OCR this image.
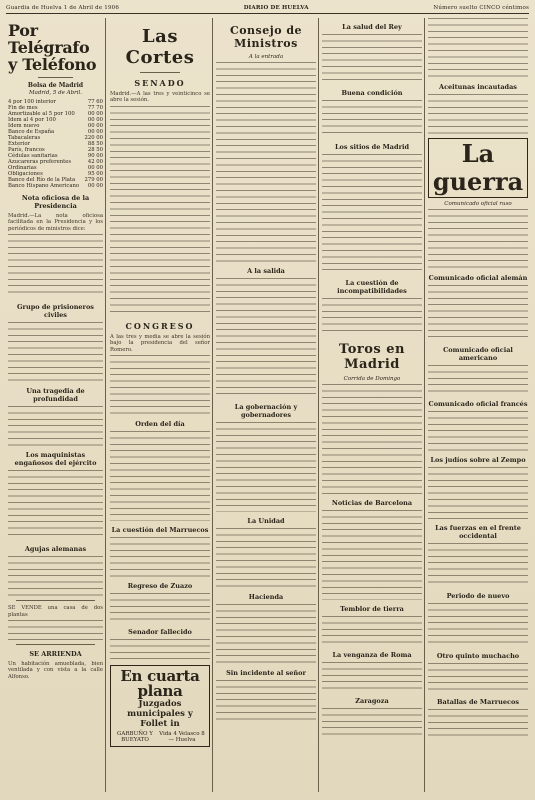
Guardia de Huelva 1 de Abril de 1906	DIARIO DE HUELVA	Número suelto CINCO céntimos
Por Telégrafo y Teléfono
Bolsa de Madrid
Madrid, 5 de Abril.
4 por 100 interior	77 60
Fin de mes	77 70
Amortizable al 5 por 100	00 00
Idem al 4 por 100	00 00
Idem nuevo	00 00
Banco de España	00 00
Tabacaleras	220 00
Exterior	88 50
París, francos	28 50
Cédulas sanitarias	90 00
Azucareras preferentes	42 00
Ordinarias	00 00
Obligaciones	95 00
Banco del Río de la Plata	279 00
Banco Hispano Americano	00 00
Nota oficiosa de la Presidencia

Madrid.—La nota oficiosa facilitada en la Presidencia y los periódicos de ministros dice:

Grupo de prisioneros civiles
Una tragedia de profundidad
Los maquinistas engañosos del ejército
Agujas alemanas

SE VENDE una casa de dos plantas

SE ARRIENDA

Un habitación amueblada, bien ventilada y con vista a la calle Alfonso.

Las Cortes
SENADO

Madrid.—A las tres y veinticinco se abre la sesión.

CONGRESO

A las tres y media se abre la sesión bajo la presidencia del señor Romero.

Orden del día
La cuestión del Marruecos
Regreso de Zuazo
Senador fallecido
En cuarta plana
Juzgados municipales y Follet in
GARBUÑO Y BUEYATO
Vida 4 Velasco 8 — Huelva
Consejo de Ministros
A la entrada
A la salida
La gobernación y gobernadores
La Unidad
Hacienda
Sin incidente al señor
La salud del Rey
Buena condición
Los sitios de Madrid
La cuestión de incompatibilidades
Toros en Madrid
Corrida de Domingo
Noticias de Barcelona
Temblor de tierra
La venganza de Roma
Zaragoza
Aceitunas incautadas
La guerra
Comunicado oficial ruso
Comunicado oficial alemán
Comunicado oficial americano
Comunicado oficial francés
Los judíos sobre al Zempo
Las fuerzas en el frente occidental
Periodo de nuevo
Otro quinto muchacho
Batallas de Marruecos
